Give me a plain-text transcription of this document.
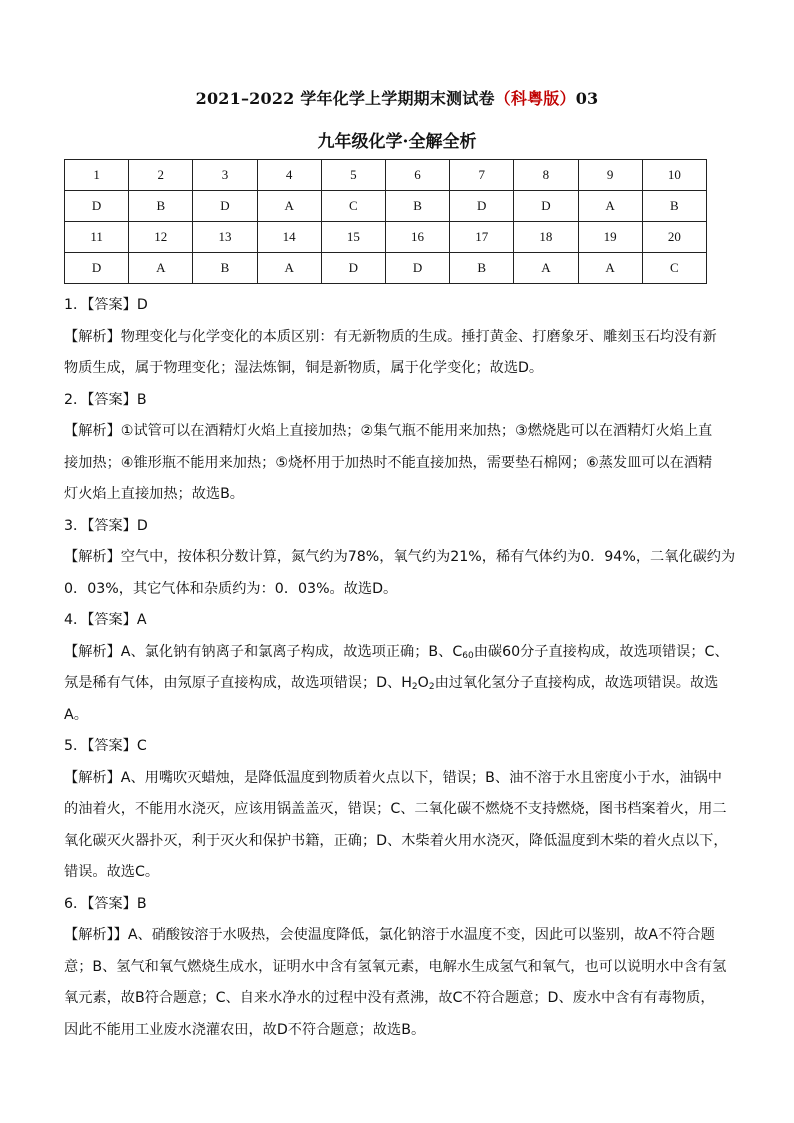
2021–2022 学年化学上学期期末测试卷（科粤版）03
九年级化学·全解全析
1	2	3	4	5	6	7	8	9	10
D	B	D	A	C	B	D	D	A	B
11	12	13	14	15	16	17	18	19	20
D	A	B	A	D	D	B	A	A	C
1．【答案】D
【解析】物理变化与化学变化的本质区别：有无新物质的生成。捶打黄金、打磨象牙、雕刻玉石均没有新
物质生成，属于物理变化；湿法炼铜，铜是新物质，属于化学变化；故选D。
2．【答案】B
【解析】①试管可以在酒精灯火焰上直接加热；②集气瓶不能用来加热；③燃烧匙可以在酒精灯火焰上直
接加热；④锥形瓶不能用来加热；⑤烧杯用于加热时不能直接加热，需要垫石棉网；⑥蒸发皿可以在酒精
灯火焰上直接加热；故选B。
3．【答案】D
【解析】空气中，按体积分数计算，氮气约为78%，氧气约为21%，稀有气体约为0．94%，二氧化碳约为
0．03%，其它气体和杂质约为：0．03%。故选D。
4．【答案】A
【解析】A、氯化钠有钠离子和氯离子构成，故选项正确；B、$C_{60}$由碳60分子直接构成，故选项错误；C、
氖是稀有气体，由氖原子直接构成，故选项错误；D、$H_2O_2$由过氧化氢分子直接构成，故选项错误。故选
A。
5．【答案】C
【解析】A、用嘴吹灭蜡烛，是降低温度到物质着火点以下，错误；B、油不溶于水且密度小于水，油锅中
的油着火，不能用水浇灭，应该用锅盖盖灭，错误；C、二氧化碳不燃烧不支持燃烧，图书档案着火，用二
氧化碳灭火器扑灭，利于灭火和保护书籍，正确；D、木柴着火用水浇灭，降低温度到木柴的着火点以下，
错误。故选C。
6．【答案】B
【解析】】A、硝酸铵溶于水吸热，会使温度降低，氯化钠溶于水温度不变，因此可以鉴别，故A不符合题
意；B、氢气和氧气燃烧生成水，证明水中含有氢氧元素，电解水生成氢气和氧气，也可以说明水中含有氢
氧元素，故B符合题意；C、自来水净水的过程中没有煮沸，故C不符合题意；D、废水中含有有毒物质，
因此不能用工业废水浇灌农田，故D不符合题意；故选B。
